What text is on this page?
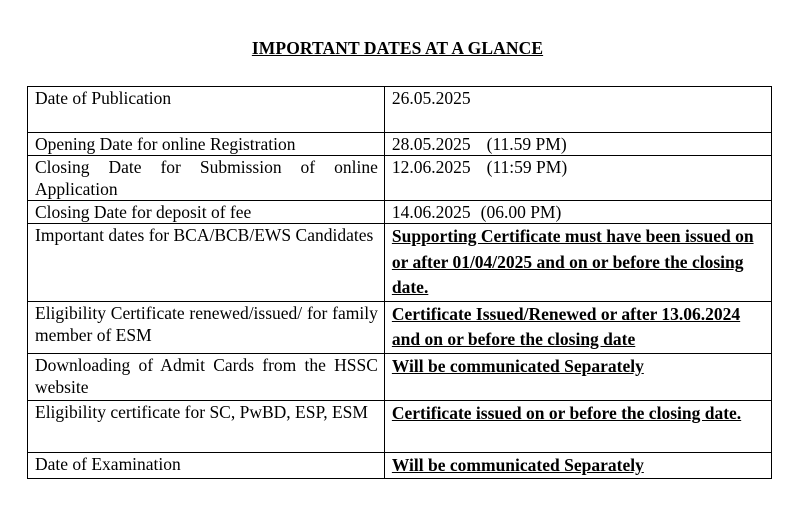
IMPORTANT DATES AT A GLANCE
Date of Publication	26.05.2025
Opening Date for online Registration	28.05.2025 (11.59 PM)
Closing Date for Submission of online Application	12.06.2025 (11:59 PM)
Closing Date for deposit of fee	14.06.2025 (06.00 PM)
Important dates for BCA/BCB/EWS Candidates	Supporting Certificate must have been issued on or after 01/04/2025 and on or before the closing date.
Eligibility Certificate renewed/issued/ for family member of ESM	Certificate Issued/Renewed or after 13.06.2024 and on or before the closing date
Downloading of Admit Cards from the HSSC website	Will be communicated Separately
Eligibility certificate for SC, PwBD, ESP, ESM	Certificate issued on or before the closing date.
Date of Examination	Will be communicated Separately
